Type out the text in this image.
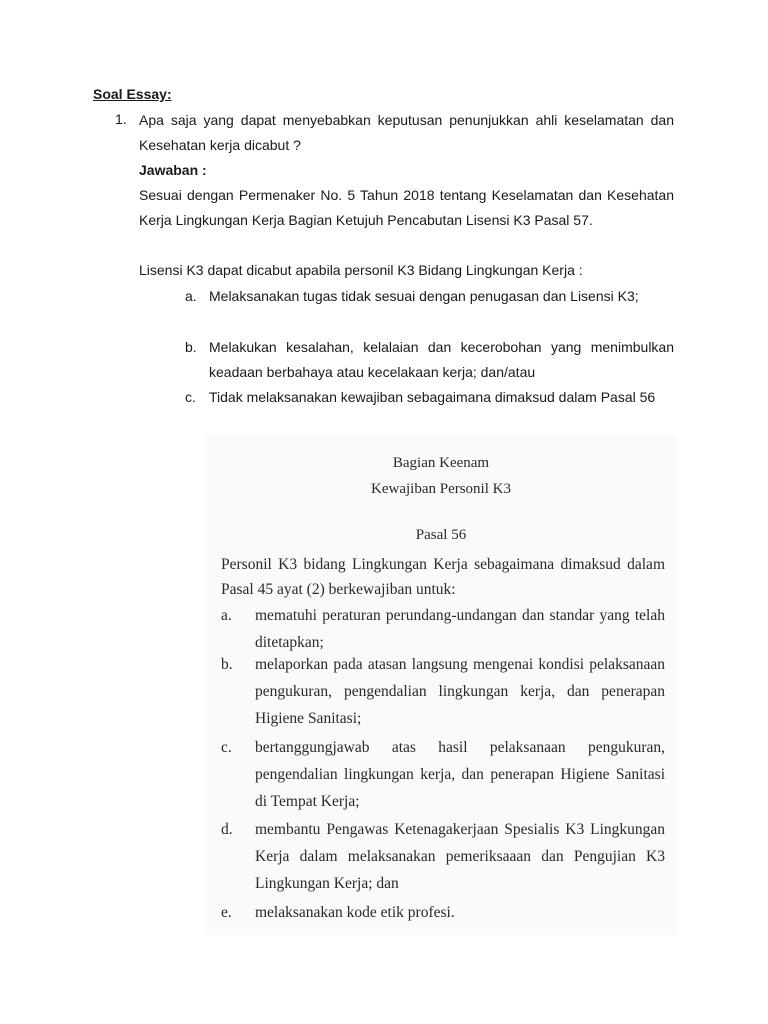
Soal Essay:
1. Apa saja yang dapat menyebabkan keputusan penunjukkan ahli keselamatan dan Kesehatan kerja dicabut ?
Jawaban :
Sesuai dengan Permenaker No. 5 Tahun 2018 tentang Keselamatan dan Kesehatan Kerja Lingkungan Kerja Bagian Ketujuh Pencabutan Lisensi K3 Pasal 57.
Lisensi K3 dapat dicabut apabila personil K3 Bidang Lingkungan Kerja :
a. Melaksanakan tugas tidak sesuai dengan penugasan dan Lisensi K3;
b. Melakukan kesalahan, kelalaian dan kecerobohan yang menimbulkan keadaan berbahaya atau kecelakaan kerja; dan/atau
c. Tidak melaksanakan kewajiban sebagaimana dimaksud dalam Pasal 56
Bagian Keenam
Kewajiban Personil K3
Pasal 56
Personil K3 bidang Lingkungan Kerja sebagaimana dimaksud dalam Pasal 45 ayat (2) berkewajiban untuk:
a. mematuhi peraturan perundang-undangan dan standar yang telah ditetapkan;
b. melaporkan pada atasan langsung mengenai kondisi pelaksanaan pengukuran, pengendalian lingkungan kerja, dan penerapan Higiene Sanitasi;
c. bertanggungjawab atas hasil pelaksanaan pengukuran, pengendalian lingkungan kerja, dan penerapan Higiene Sanitasi di Tempat Kerja;
d. membantu Pengawas Ketenagakerjaan Spesialis K3 Lingkungan Kerja dalam melaksanakan pemeriksaaan dan Pengujian K3 Lingkungan Kerja; dan
e. melaksanakan kode etik profesi.
